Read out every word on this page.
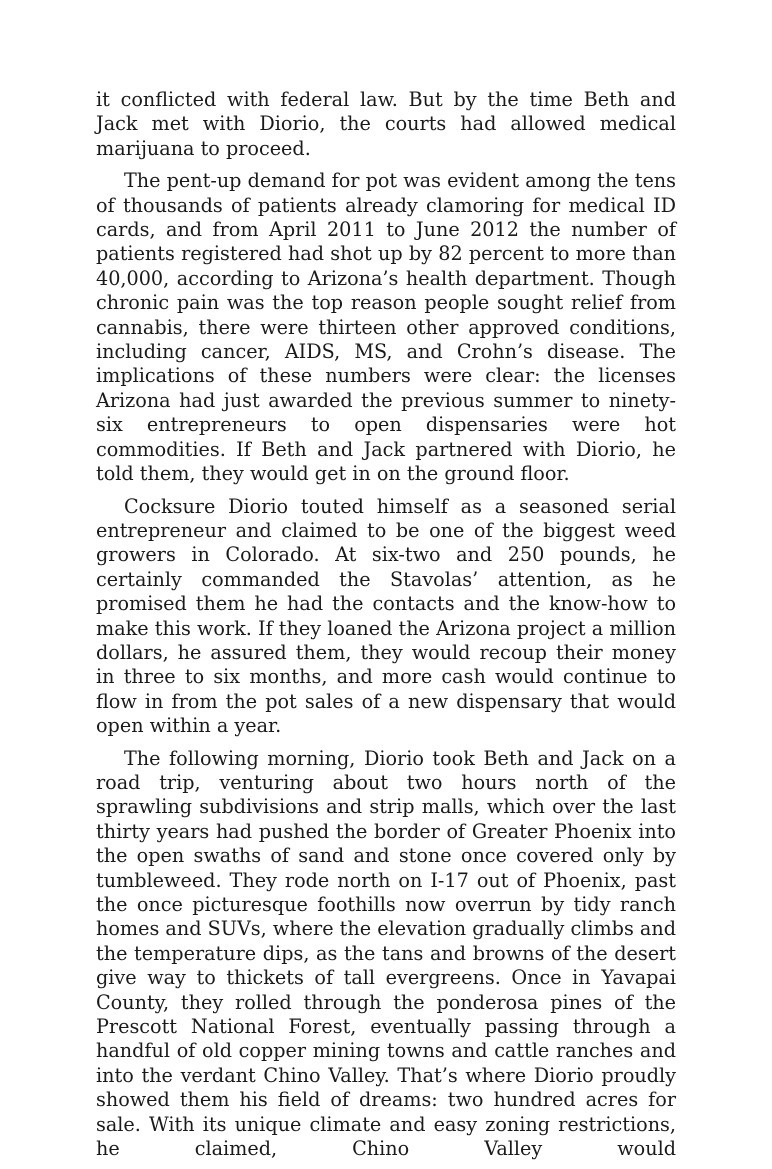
it conflicted with federal law. But by the time Beth and Jack met with Diorio, the courts had allowed medical marijuana to proceed.

The pent-up demand for pot was evident among the tens of thousands of patients already clamoring for medical ID cards, and from April 2011 to June 2012 the number of patients registered had shot up by 82 percent to more than 40,000, according to Arizona’s health department. Though chronic pain was the top reason people sought relief from cannabis, there were thirteen other approved conditions, including cancer, AIDS, MS, and Crohn’s disease. The implications of these numbers were clear: the licenses Arizona had just awarded the previous summer to ninety-six entrepreneurs to open dispensaries were hot commodities. If Beth and Jack partnered with Diorio, he told them, they would get in on the ground floor.

Cocksure Diorio touted himself as a seasoned serial entrepreneur and claimed to be one of the biggest weed growers in Colorado. At six-two and 250 pounds, he certainly commanded the Stavolas’ attention, as he promised them he had the contacts and the know-how to make this work. If they loaned the Arizona project a million dollars, he assured them, they would recoup their money in three to six months, and more cash would continue to flow in from the pot sales of a new dispensary that would open within a year.

The following morning, Diorio took Beth and Jack on a road trip, venturing about two hours north of the sprawling subdivisions and strip malls, which over the last thirty years had pushed the border of Greater Phoenix into the open swaths of sand and stone once covered only by tumbleweed. They rode north on I-17 out of Phoenix, past the once picturesque foothills now overrun by tidy ranch homes and SUVs, where the elevation gradually climbs and the temperature dips, as the tans and browns of the desert give way to thickets of tall evergreens. Once in Yavapai County, they rolled through the ponderosa pines of the Prescott National Forest, eventually passing through a handful of old copper mining towns and cattle ranches and into the verdant Chino Valley. That’s where Diorio proudly showed them his field of dreams: two hundred acres for sale. With its unique climate and easy zoning restrictions, he claimed, Chino Valley would
